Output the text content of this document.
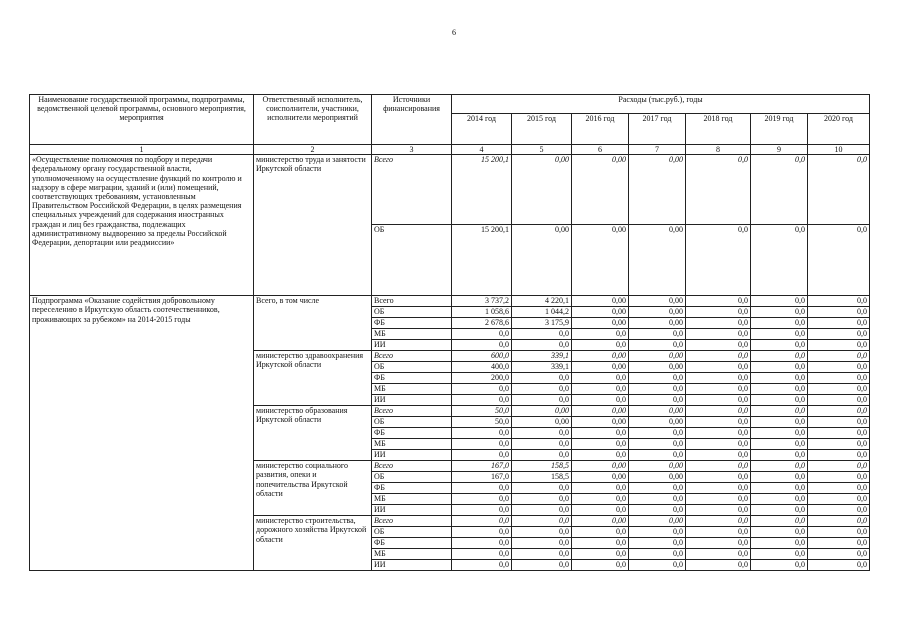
6
Наименование государственной программы, подпрограммы, ведомственной целевой программы, основного мероприятия, мероприятия	Ответственный исполнитель, соисполнители, участники, исполнители мероприятий	Источники финансирования	Расходы (тыс.руб.), годы						
			2014 год	2015 год	2016 год	2017 год	2018 год	2019 год	2020 год
1	2	3	4	5	6	7	8	9	10
«Осуществление полномочия по подбору и передачи федеральному органу государственной власти, уполномоченному на осуществление функций по контролю и надзору в сфере миграции, зданий и (или) помещений, соответствующих требованиям, установленным Правительством Российской Федерации, в целях размещения специальных учреждений для содержания иностранных граждан и лиц без гражданства, подлежащих административному выдворению за пределы Российской Федерации, депортации или реадмиссии»	министерство труда и занятости Иркутской области	Всего	15 200,1	0,00	0,00	0,00	0,0	0,0	0,0
		ОБ	15 200,1	0,00	0,00	0,00	0,0	0,0	0,0
Подпрограмма «Оказание содействия добровольному переселению в Иркутскую область соотечественников, проживающих за рубежом» на 2014-2015 годы	Всего, в том числе	Всего	3 737,2	4 220,1	0,00	0,00	0,0	0,0	0,0
		ОБ	1 058,6	1 044,2	0,00	0,00	0,0	0,0	0,0
		ФБ	2 678,6	3 175,9	0,00	0,00	0,0	0,0	0,0
		МБ	0,0	0,0	0,0	0,0	0,0	0,0	0,0
		ИИ	0,0	0,0	0,0	0,0	0,0	0,0	0,0
	министерство здравоохранения Иркутской области	Всего	600,0	339,1	0,00	0,00	0,0	0,0	0,0
		ОБ	400,0	339,1	0,00	0,00	0,0	0,0	0,0
		ФБ	200,0	0,0	0,0	0,0	0,0	0,0	0,0
		МБ	0,0	0,0	0,0	0,0	0,0	0,0	0,0
		ИИ	0,0	0,0	0,0	0,0	0,0	0,0	0,0
	министерство образования Иркутской области	Всего	50,0	0,00	0,00	0,00	0,0	0,0	0,0
		ОБ	50,0	0,00	0,00	0,00	0,0	0,0	0,0
		ФБ	0,0	0,0	0,0	0,0	0,0	0,0	0,0
		МБ	0,0	0,0	0,0	0,0	0,0	0,0	0,0
		ИИ	0,0	0,0	0,0	0,0	0,0	0,0	0,0
	министерство социального развития, опеки и попечительства Иркутской области	Всего	167,0	158,5	0,00	0,00	0,0	0,0	0,0
		ОБ	167,0	158,5	0,00	0,00	0,0	0,0	0,0
		ФБ	0,0	0,0	0,0	0,0	0,0	0,0	0,0
		МБ	0,0	0,0	0,0	0,0	0,0	0,0	0,0
		ИИ	0,0	0,0	0,0	0,0	0,0	0,0	0,0
	министерство строительства, дорожного хозяйства Иркутской области	Всего	0,0	0,0	0,00	0,00	0,0	0,0	0,0
		ОБ	0,0	0,0	0,0	0,0	0,0	0,0	0,0
		ФБ	0,0	0,0	0,0	0,0	0,0	0,0	0,0
		МБ	0,0	0,0	0,0	0,0	0,0	0,0	0,0
		ИИ	0,0	0,0	0,0	0,0	0,0	0,0	0,0
